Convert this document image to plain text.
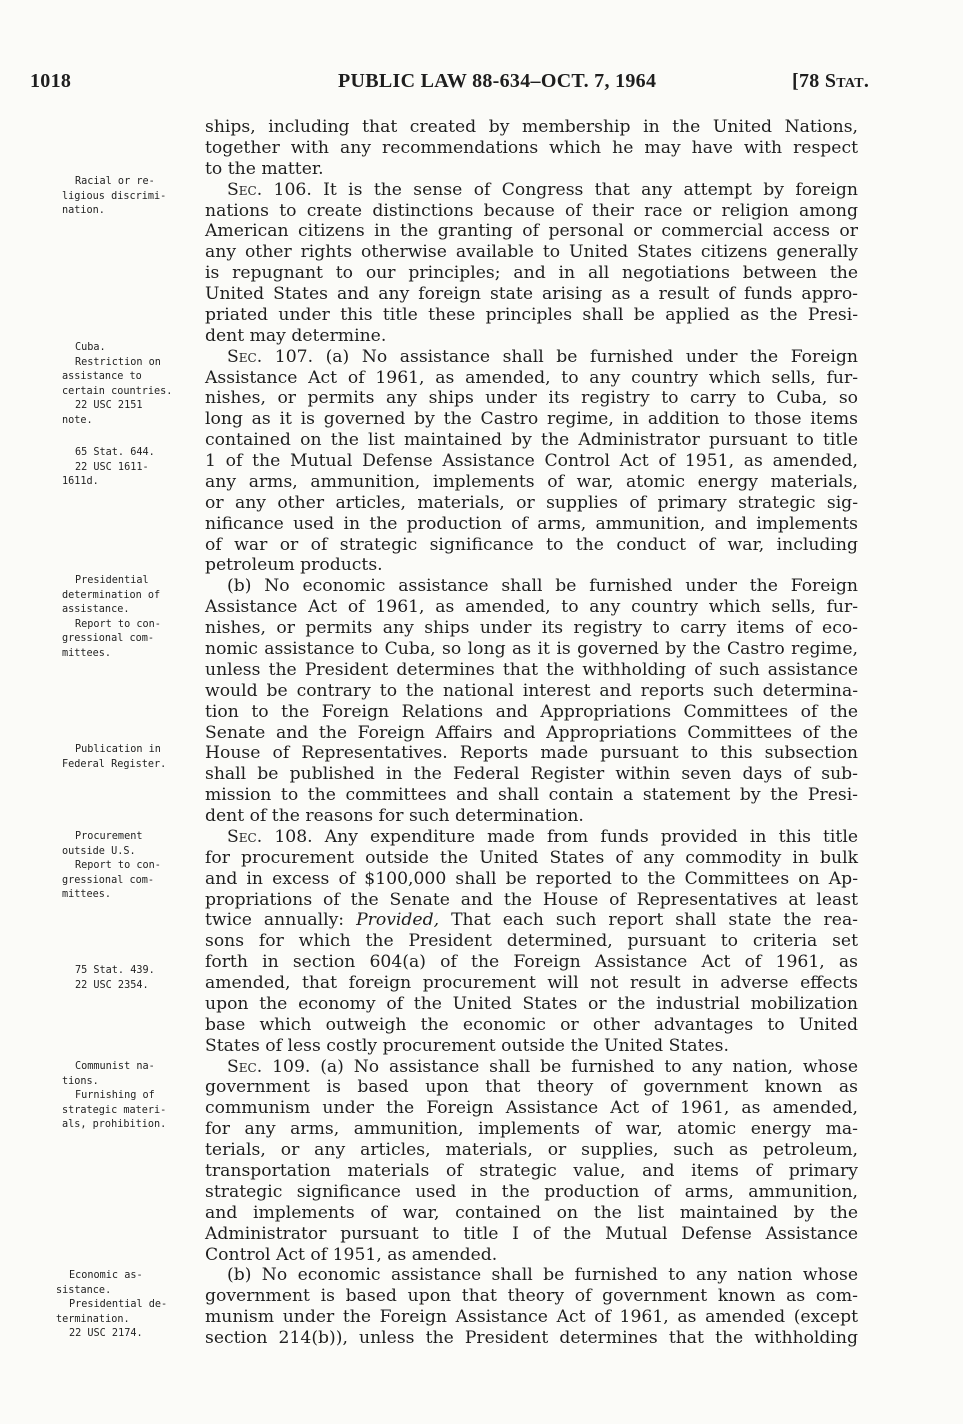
1018	PUBLIC LAW 88-634–OCT. 7, 1964	[78 Stat.
ships, including that created by membership in the United Nations,
together with any recommendations which he may have with respect
to the matter.
Sec. 106. It is the sense of Congress that any attempt by foreign
nations to create distinctions because of their race or religion among
American citizens in the granting of personal or commercial access or
any other rights otherwise available to United States citizens generally
is repugnant to our principles; and in all negotiations between the
United States and any foreign state arising as a result of funds appro-
priated under this title these principles shall be applied as the Presi-
dent may determine.
Sec. 107. (a) No assistance shall be furnished under the Foreign
Assistance Act of 1961, as amended, to any country which sells, fur-
nishes, or permits any ships under its registry to carry to Cuba, so
long as it is governed by the Castro regime, in addition to those items
contained on the list maintained by the Administrator pursuant to title
1 of the Mutual Defense Assistance Control Act of 1951, as amended,
any arms, ammunition, implements of war, atomic energy materials,
or any other articles, materials, or supplies of primary strategic sig-
nificance used in the production of arms, ammunition, and implements
of war or of strategic significance to the conduct of war, including
petroleum products.
(b) No economic assistance shall be furnished under the Foreign
Assistance Act of 1961, as amended, to any country which sells, fur-
nishes, or permits any ships under its registry to carry items of eco-
nomic assistance to Cuba, so long as it is governed by the Castro regime,
unless the President determines that the withholding of such assistance
would be contrary to the national interest and reports such determina-
tion to the Foreign Relations and Appropriations Committees of the
Senate and the Foreign Affairs and Appropriations Committees of the
House of Representatives. Reports made pursuant to this subsection
shall be published in the Federal Register within seven days of sub-
mission to the committees and shall contain a statement by the Presi-
dent of the reasons for such determination.
Sec. 108. Any expenditure made from funds provided in this title
for procurement outside the United States of any commodity in bulk
and in excess of $100,000 shall be reported to the Committees on Ap-
propriations of the Senate and the House of Representatives at least
twice annually: Provided, That each such report shall state the rea-
sons for which the President determined, pursuant to criteria set
forth in section 604(a) of the Foreign Assistance Act of 1961, as
amended, that foreign procurement will not result in adverse effects
upon the economy of the United States or the industrial mobilization
base which outweigh the economic or other advantages to United
States of less costly procurement outside the United States.
Sec. 109. (a) No assistance shall be furnished to any nation, whose
government is based upon that theory of government known as
communism under the Foreign Assistance Act of 1961, as amended,
for any arms, ammunition, implements of war, atomic energy ma-
terials, or any articles, materials, or supplies, such as petroleum,
transportation materials of strategic value, and items of primary
strategic significance used in the production of arms, ammunition,
and implements of war, contained on the list maintained by the
Administrator pursuant to title I of the Mutual Defense Assistance
Control Act of 1951, as amended.
(b) No economic assistance shall be furnished to any nation whose
government is based upon that theory of government known as com-
munism under the Foreign Assistance Act of 1961, as amended (except
section 214(b)), unless the President determines that the withholding
Racial or re-
ligious discrimi-
nation.
Cuba.
Restriction on
assistance to
certain countries.
22 USC 2151
note.
65 Stat. 644.
22 USC 1611-
1611d.
Presidential
determination of
assistance.
Report to con-
gressional com-
mittees.
Publication in
Federal Register.
Procurement
outside U.S.
Report to con-
gressional com-
mittees.
75 Stat. 439.
22 USC 2354.
Communist na-
tions.
Furnishing of
strategic materi-
als, prohibition.
Economic as-
sistance.
Presidential de-
termination.
22 USC 2174.
